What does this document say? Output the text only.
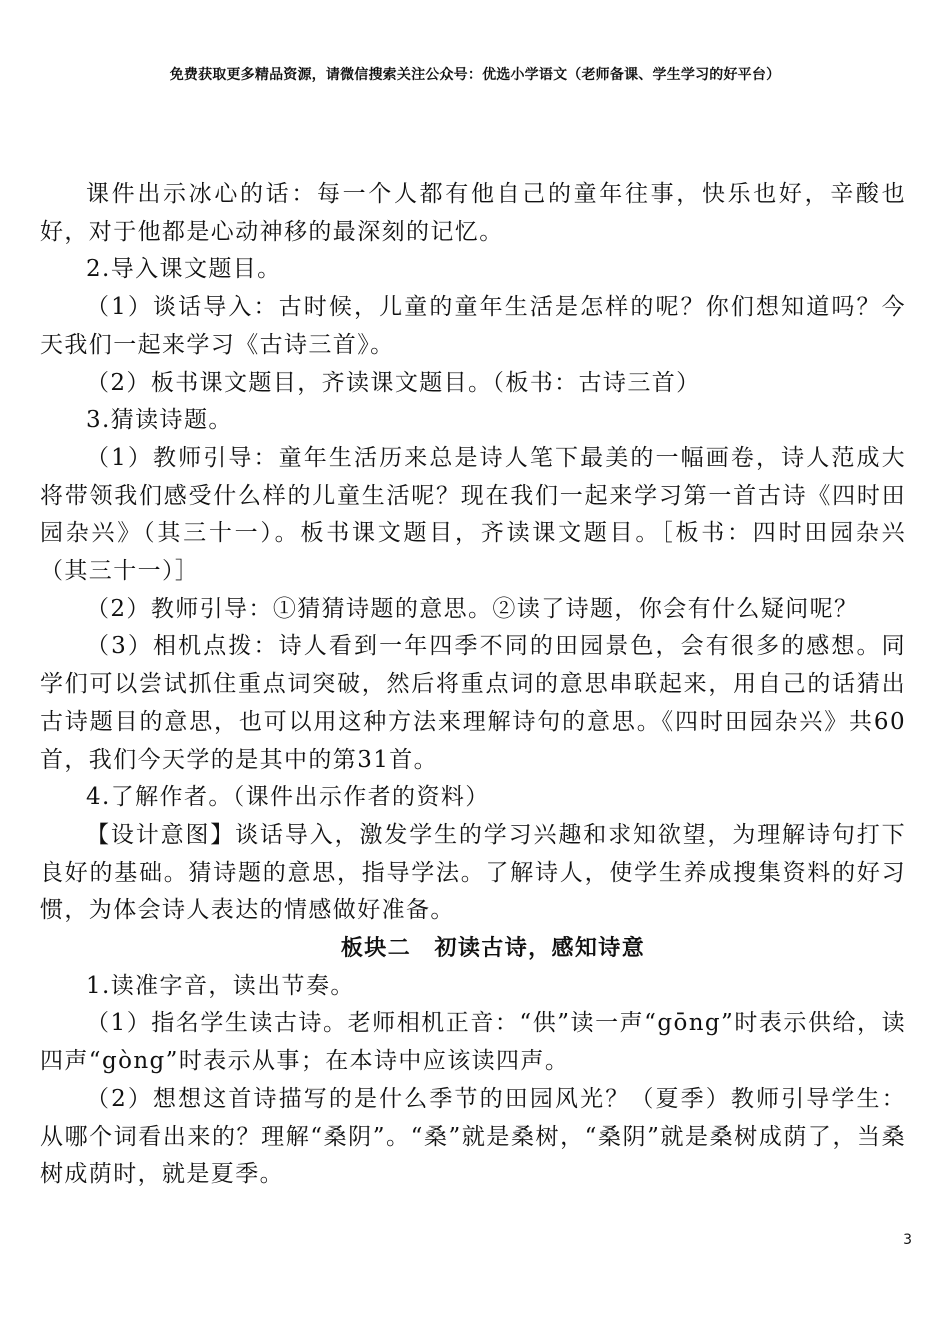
免费获取更多精品资源，请微信搜索关注公众号：优选小学语文（老师备课、学生学习的好平台）

课件出示冰心的话：每一个人都有他自己的童年往事，快乐也好，辛酸也好，对于他都是心动神移的最深刻的记忆。

2.导入课文题目。

（1）谈话导入：古时候，儿童的童年生活是怎样的呢？你们想知道吗？今天我们一起来学习《古诗三首》。

（2）板书课文题目，齐读课文题目。（板书：古诗三首）

3.猜读诗题。

（1）教师引导：童年生活历来总是诗人笔下最美的一幅画卷，诗人范成大将带领我们感受什么样的儿童生活呢？现在我们一起来学习第一首古诗《四时田园杂兴》（其三十一）。板书课文题目，齐读课文题目。［板书：四时田园杂兴（其三十一）］

（2）教师引导：①猜猜诗题的意思。②读了诗题，你会有什么疑问呢？

（3）相机点拨：诗人看到一年四季不同的田园景色，会有很多的感想。同学们可以尝试抓住重点词突破，然后将重点词的意思串联起来，用自己的话猜出古诗题目的意思，也可以用这种方法来理解诗句的意思。《四时田园杂兴》共60首，我们今天学的是其中的第31首。

4.了解作者。（课件出示作者的资料）

【设计意图】谈话导入，激发学生的学习兴趣和求知欲望，为理解诗句打下良好的基础。猜诗题的意思，指导学法。了解诗人，使学生养成搜集资料的好习惯，为体会诗人表达的情感做好准备。

板块二　初读古诗，感知诗意

1.读准字音，读出节奏。

（1）指名学生读古诗。老师相机正音：“供”读一声“gōng”时表示供给，读四声“gòng”时表示从事；在本诗中应该读四声。

（2）想想这首诗描写的是什么季节的田园风光？（夏季）教师引导学生：从哪个词看出来的？理解“桑阴”。“桑”就是桑树，“桑阴”就是桑树成荫了，当桑树成荫时，就是夏季。

3
